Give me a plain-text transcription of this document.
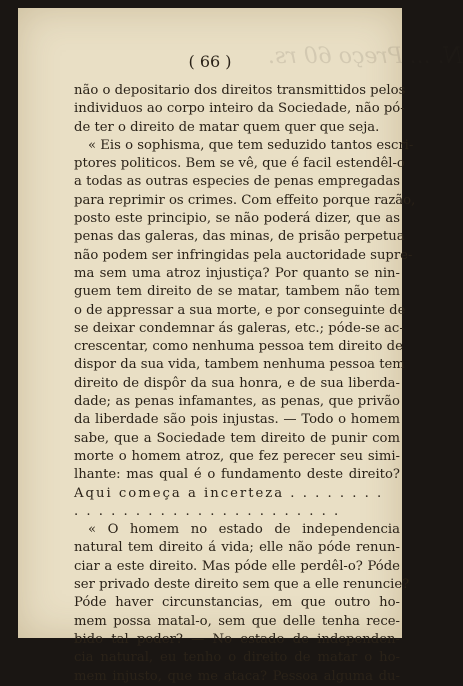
N. ... Preço 60 rs.
( 66 )
não o depositario dos direitos transmittidos pelos
individuos ao corpo inteiro da Sociedade, não pó-
de ter o direito de matar quem quer que seja.
« Eis o sophisma, que tem seduzido tantos escri-
ptores politicos. Bem se vê, que é facil estendêl-o
a todas as outras especies de penas empregadas
para reprimir os crimes. Com effeito porque razão,
posto este principio, se não poderá dizer, que as
penas das galeras, das minas, de prisão perpetua
não podem ser infringidas pela auctoridade supre-
ma sem uma atroz injustiça? Por quanto se nin-
guem tem direito de se matar, tambem não tem
o de appressar a sua morte, e por conseguinte de
se deixar condemnar ás galeras, etc.; póde-se ac-
crescentar, como nenhuma pessoa tem direito de
dispor da sua vida, tambem nenhuma pessoa tem
direito de dispôr da sua honra, e de sua liberda-
dade; as penas infamantes, as penas, que privão
da liberdade são pois injustas. — Todo o homem
sabe, que a Sociedade tem direito de punir com
morte o homem atroz, que fez perecer seu simi-
lhante: mas qual é o fundamento deste direito?
Aqui começa a incerteza . . . . . . . .
. . . . . . . . . . . . . . . . . . . . . .
« O homem no estado de independencia
natural tem direito á vida; elle não póde renun-
ciar a este direito. Mas póde elle perdêl-o? Póde
ser privado deste direito sem que a elle renuncie?
Póde haver circunstancias, em que outro ho-
mem possa matal-o, sem que delle tenha rece-
bido tal poder? — No estado de independen-
cia natural, eu tenho o direito de matar o ho-
mem injusto, que me ataca? Pessoa alguma du-
